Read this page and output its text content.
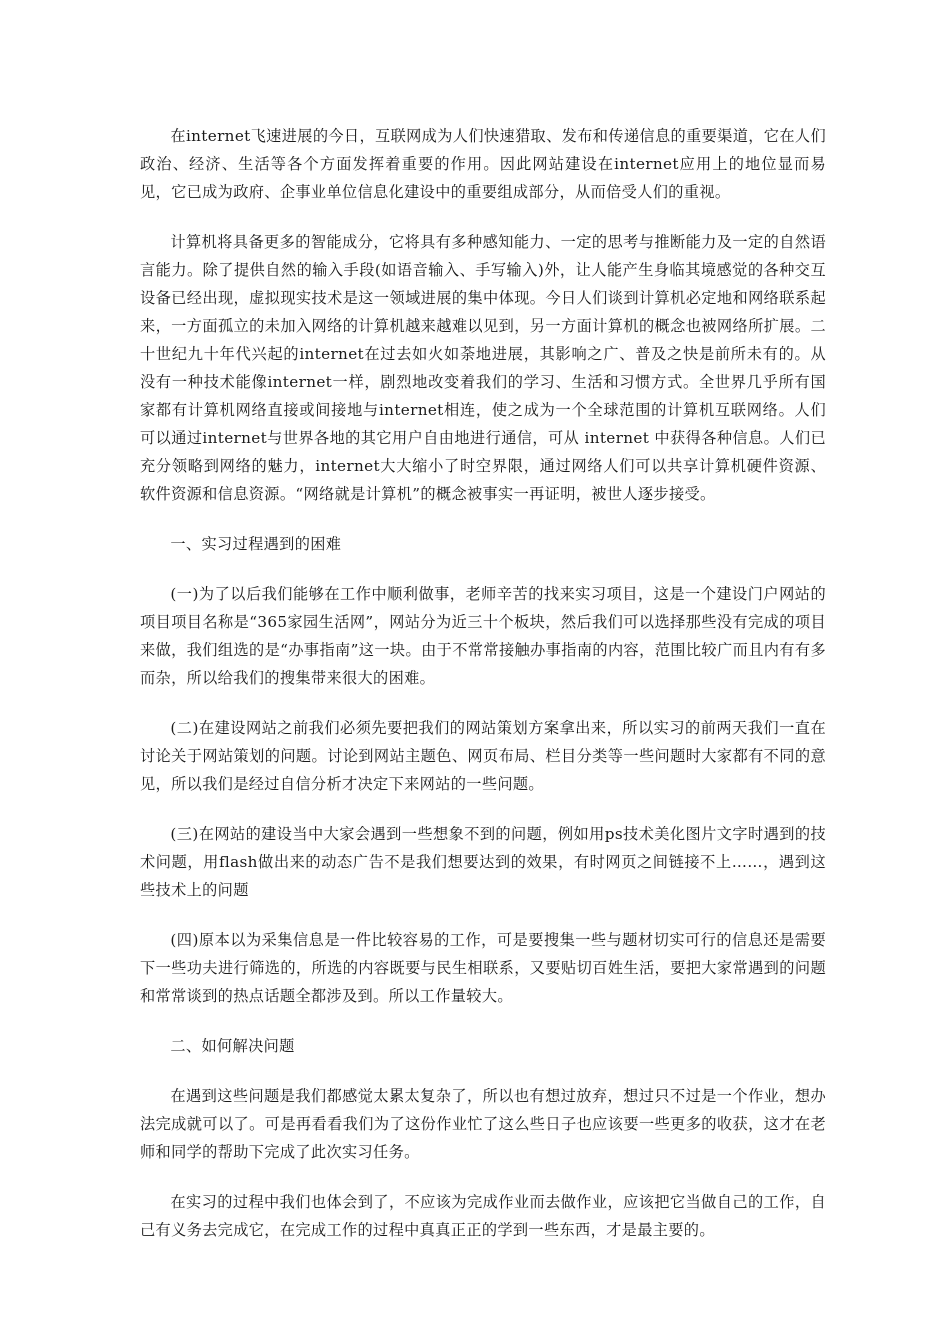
在internet飞速进展的今日，互联网成为人们快速猎取、发布和传递信息的重要渠道，它在人们政治、经济、生活等各个方面发挥着重要的作用。因此网站建设在internet应用上的地位显而易见，它已成为政府、企事业单位信息化建设中的重要组成部分，从而倍受人们的重视。

计算机将具备更多的智能成分，它将具有多种感知能力、一定的思考与推断能力及一定的自然语言能力。除了提供自然的输入手段(如语音输入、手写输入)外，让人能产生身临其境感觉的各种交互设备已经出现，虚拟现实技术是这一领域进展的集中体现。今日人们谈到计算机必定地和网络联系起来，一方面孤立的未加入网络的计算机越来越难以见到，另一方面计算机的概念也被网络所扩展。二十世纪九十年代兴起的internet在过去如火如荼地进展，其影响之广、普及之快是前所未有的。从没有一种技术能像internet一样，剧烈地改变着我们的学习、生活和习惯方式。全世界几乎所有国家都有计算机网络直接或间接地与internet相连，使之成为一个全球范围的计算机互联网络。人们可以通过internet与世界各地的其它用户自由地进行通信，可从 internet 中获得各种信息。人们已充分领略到网络的魅力，internet大大缩小了时空界限，通过网络人们可以共享计算机硬件资源、软件资源和信息资源。“网络就是计算机”的概念被事实一再证明，被世人逐步接受。

一、实习过程遇到的困难

(一)为了以后我们能够在工作中顺利做事，老师辛苦的找来实习项目，这是一个建设门户网站的项目项目名称是“365家园生活网”，网站分为近三十个板块，然后我们可以选择那些没有完成的项目来做，我们组选的是“办事指南”这一块。由于不常常接触办事指南的内容，范围比较广而且内有有多而杂，所以给我们的搜集带来很大的困难。

(二)在建设网站之前我们必须先要把我们的网站策划方案拿出来，所以实习的前两天我们一直在讨论关于网站策划的问题。讨论到网站主题色、网页布局、栏目分类等一些问题时大家都有不同的意见，所以我们是经过自信分析才决定下来网站的一些问题。

(三)在网站的建设当中大家会遇到一些想象不到的问题，例如用ps技术美化图片文字时遇到的技术问题，用flash做出来的动态广告不是我们想要达到的效果，有时网页之间链接不上……，遇到这些技术上的问题

(四)原本以为采集信息是一件比较容易的工作，可是要搜集一些与题材切实可行的信息还是需要下一些功夫进行筛选的，所选的内容既要与民生相联系，又要贴切百姓生活，要把大家常遇到的问题和常常谈到的热点话题全都涉及到。所以工作量较大。

二、如何解决问题

在遇到这些问题是我们都感觉太累太复杂了，所以也有想过放弃，想过只不过是一个作业，想办法完成就可以了。可是再看看我们为了这份作业忙了这么些日子也应该要一些更多的收获，这才在老师和同学的帮助下完成了此次实习任务。

在实习的过程中我们也体会到了，不应该为完成作业而去做作业，应该把它当做自己的工作，自己有义务去完成它，在完成工作的过程中真真正正的学到一些东西，才是最主要的。
